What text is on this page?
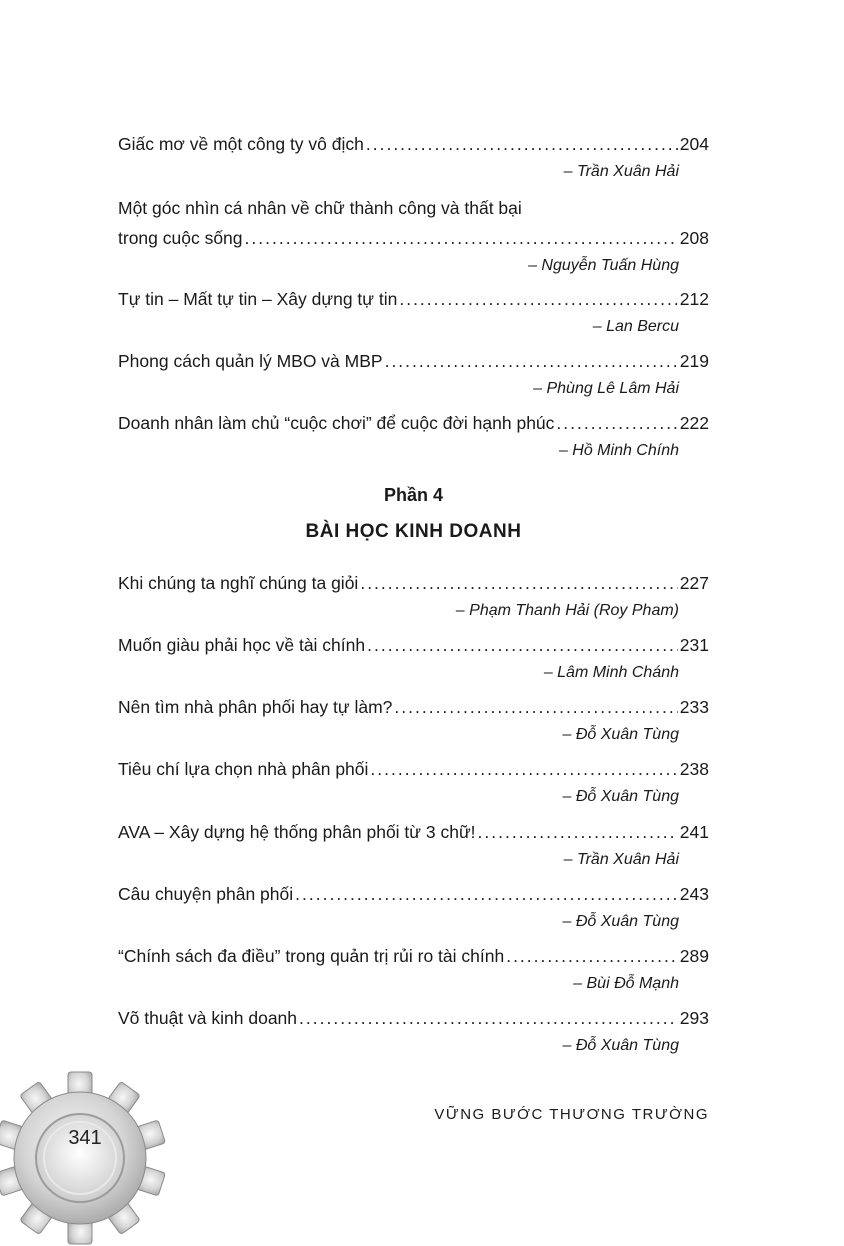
Giấc mơ về một công ty vô địch .....	204
– Trần Xuân Hải
Một góc nhìn cá nhân về chữ thành công và thất bại
trong cuộc sống .....	208
– Nguyễn Tuấn Hùng
Tự tin – Mất tự tin – Xây dựng tự tin .....	212
– Lan Bercu
Phong cách quản lý MBO và MBP .....	219
– Phùng Lê Lâm Hải
Doanh nhân làm chủ “cuộc chơi” để cuộc đời hạnh phúc .....	222
– Hồ Minh Chính
Phần 4
BÀI HỌC KINH DOANH
Khi chúng ta nghĩ chúng ta giỏi .....	227
– Phạm Thanh Hải (Roy Pham)
Muốn giàu phải học về tài chính .....	231
– Lâm Minh Chánh
Nên tìm nhà phân phối hay tự làm? .....	233
– Đỗ Xuân Tùng
Tiêu chí lựa chọn nhà phân phối .....	238
– Đỗ Xuân Tùng
AVA – Xây dựng hệ thống phân phối từ 3 chữ! .....	241
– Trần Xuân Hải
Câu chuyện phân phối .....	243
– Đỗ Xuân Tùng
“Chính sách đa điều” trong quản trị rủi ro tài chính .....	289
– Bùi Đỗ Mạnh
Võ thuật và kinh doanh .....	293
– Đỗ Xuân Tùng
VỮNG BƯỚC THƯƠNG TRƯỜNG
341
